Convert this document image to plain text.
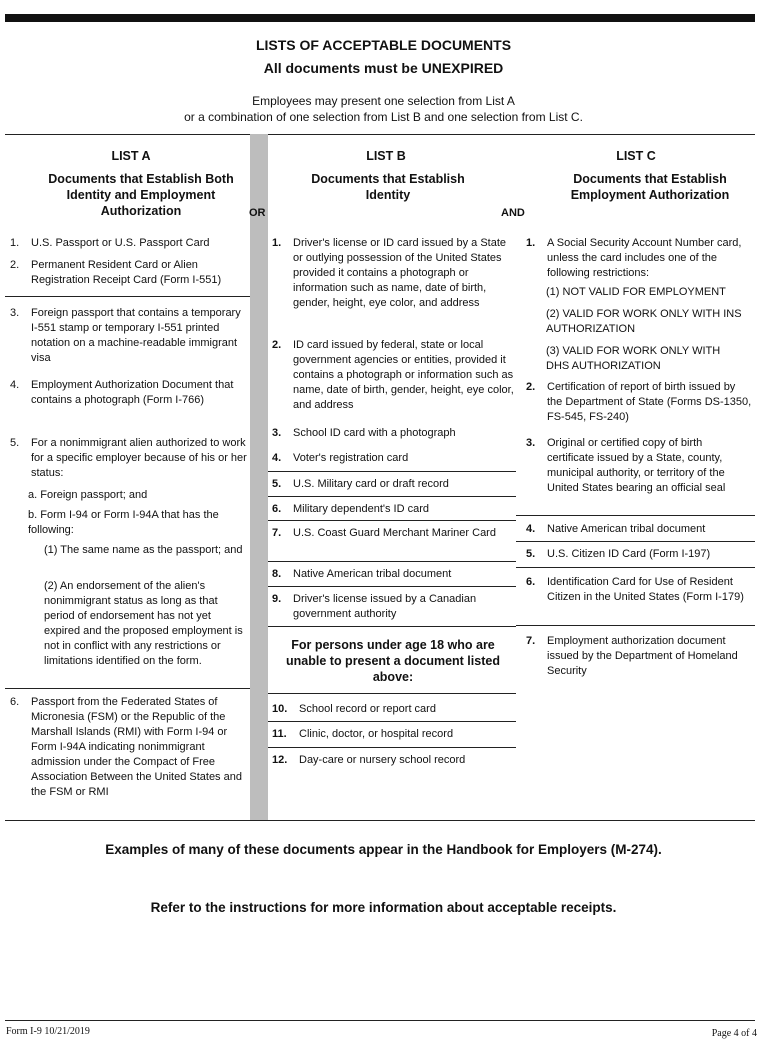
LISTS OF ACCEPTABLE DOCUMENTS
All documents must be UNEXPIRED
Employees may present one selection from List A
or a combination of one selection from List B and one selection from List C.
LIST A
Documents that Establish Both Identity and Employment Authorization
LIST B
Documents that Establish Identity
LIST C
Documents that Establish Employment Authorization
OR	AND
1. U.S. Passport or U.S. Passport Card
2. Permanent Resident Card or Alien Registration Receipt Card (Form I-551)
3. Foreign passport that contains a temporary I-551 stamp or temporary I-551 printed notation on a machine-readable immigrant visa
4. Employment Authorization Document that contains a photograph (Form I-766)
5. For a nonimmigrant alien authorized to work for a specific employer because of his or her status:
a. Foreign passport; and
b. Form I-94 or Form I-94A that has the following:
(1) The same name as the passport; and
(2) An endorsement of the alien's nonimmigrant status as long as that period of endorsement has not yet expired and the proposed employment is not in conflict with any restrictions or limitations identified on the form.
6. Passport from the Federated States of Micronesia (FSM) or the Republic of the Marshall Islands (RMI) with Form I-94 or Form I-94A indicating nonimmigrant admission under the Compact of Free Association Between the United States and the FSM or RMI
1. Driver's license or ID card issued by a State or outlying possession of the United States provided it contains a photograph or information such as name, date of birth, gender, height, eye color, and address
2. ID card issued by federal, state or local government agencies or entities, provided it contains a photograph or information such as name, date of birth, gender, height, eye color, and address
3. School ID card with a photograph
4. Voter's registration card
5. U.S. Military card or draft record
6. Military dependent's ID card
7. U.S. Coast Guard Merchant Mariner Card
8. Native American tribal document
9. Driver's license issued by a Canadian government authority
For persons under age 18 who are unable to present a document listed above:
10. School record or report card
11. Clinic, doctor, or hospital record
12. Day-care or nursery school record
1. A Social Security Account Number card, unless the card includes one of the following restrictions:
(1) NOT VALID FOR EMPLOYMENT
(2) VALID FOR WORK ONLY WITH INS AUTHORIZATION
(3) VALID FOR WORK ONLY WITH DHS AUTHORIZATION
2. Certification of report of birth issued by the Department of State (Forms DS-1350, FS-545, FS-240)
3. Original or certified copy of birth certificate issued by a State, county, municipal authority, or territory of the United States bearing an official seal
4. Native American tribal document
5. U.S. Citizen ID Card (Form I-197)
6. Identification Card for Use of Resident Citizen in the United States (Form I-179)
7. Employment authorization document issued by the Department of Homeland Security
Examples of many of these documents appear in the Handbook for Employers (M-274).
Refer to the instructions for more information about acceptable receipts.
Form I-9 10/21/2019	Page 4 of 4
